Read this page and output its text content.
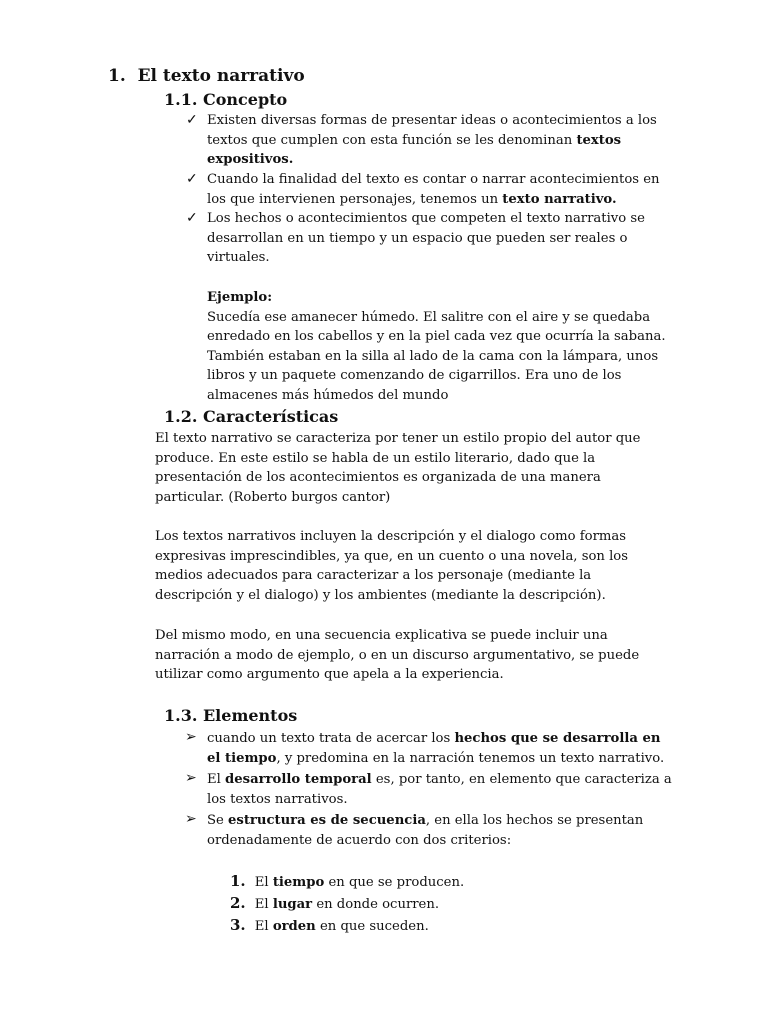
1. El texto narrativo
1.1. Concepto
✓ Existen diversas formas de presentar ideas o acontecimientos a los
textos que cumplen con esta función se les denominan textos
expositivos.
✓ Cuando la finalidad del texto es contar o narrar acontecimientos en
los que intervienen personajes, tenemos un texto narrativo.
✓ Los hechos o acontecimientos que competen el texto narrativo se
desarrollan en un tiempo y un espacio que pueden ser reales o
virtuales.
Ejemplo:
Sucedía ese amanecer húmedo. El salitre con el aire y se quedaba
enredado en los cabellos y en la piel cada vez que ocurría la sabana.
También estaban en la silla al lado de la cama con la lámpara, unos
libros y un paquete comenzando de cigarrillos. Era uno de los
almacenes más húmedos del mundo
1.2. Características
El texto narrativo se caracteriza por tener un estilo propio del autor que
produce. En este estilo se habla de un estilo literario, dado que la
presentación de los acontecimientos es organizada de una manera
particular. (Roberto burgos cantor)
Los textos narrativos incluyen la descripción y el dialogo como formas
expresivas imprescindibles, ya que, en un cuento o una novela, son los
medios adecuados para caracterizar a los personaje (mediante la
descripción y el dialogo) y los ambientes (mediante la descripción).
Del mismo modo, en una secuencia explicativa se puede incluir una
narración a modo de ejemplo, o en un discurso argumentativo, se puede
utilizar como argumento que apela a la experiencia.
1.3. Elementos
➢ cuando un texto trata de acercar los hechos que se desarrolla en
el tiempo, y predomina en la narración tenemos un texto narrativo.
➢ El desarrollo temporal es, por tanto, en elemento que caracteriza a
los textos narrativos.
➢ Se estructura es de secuencia, en ella los hechos se presentan
ordenadamente de acuerdo con dos criterios:
1. El tiempo en que se producen.
2. El lugar en donde ocurren.
3. El orden en que suceden.
